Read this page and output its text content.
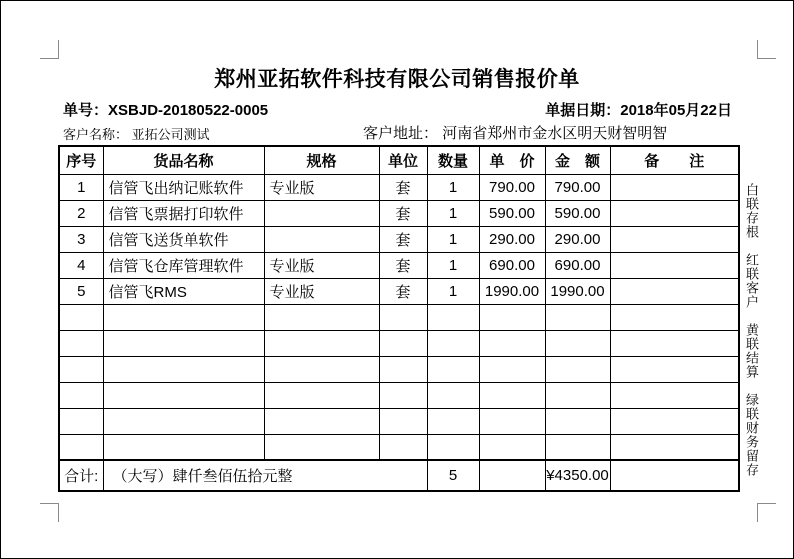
郑州亚拓软件科技有限公司销售报价单
单号：XSBJD-20180522-0005	单据日期：2018年05月22日
客户名称： 亚拓公司测试	客户地址： 河南省郑州市金水区明天财智明智
序号	货品名称	规格	单位	数量	单　价	金　额	备　　注
1	信管飞出纳记账软件	专业版	套	1	790.00	790.00	
2	信管飞票据打印软件		套	1	590.00	590.00	
3	信管飞送货单软件		套	1	290.00	290.00	
4	信管飞仓库管理软件	专业版	套	1	690.00	690.00	
5	信管飞RMS	专业版	套	1	1990.00	1990.00	

合计:	（大写）肆仟叁佰伍拾元整			5		¥4350.00		白联存根　红联客户　黄联结算　绿联财务留存
